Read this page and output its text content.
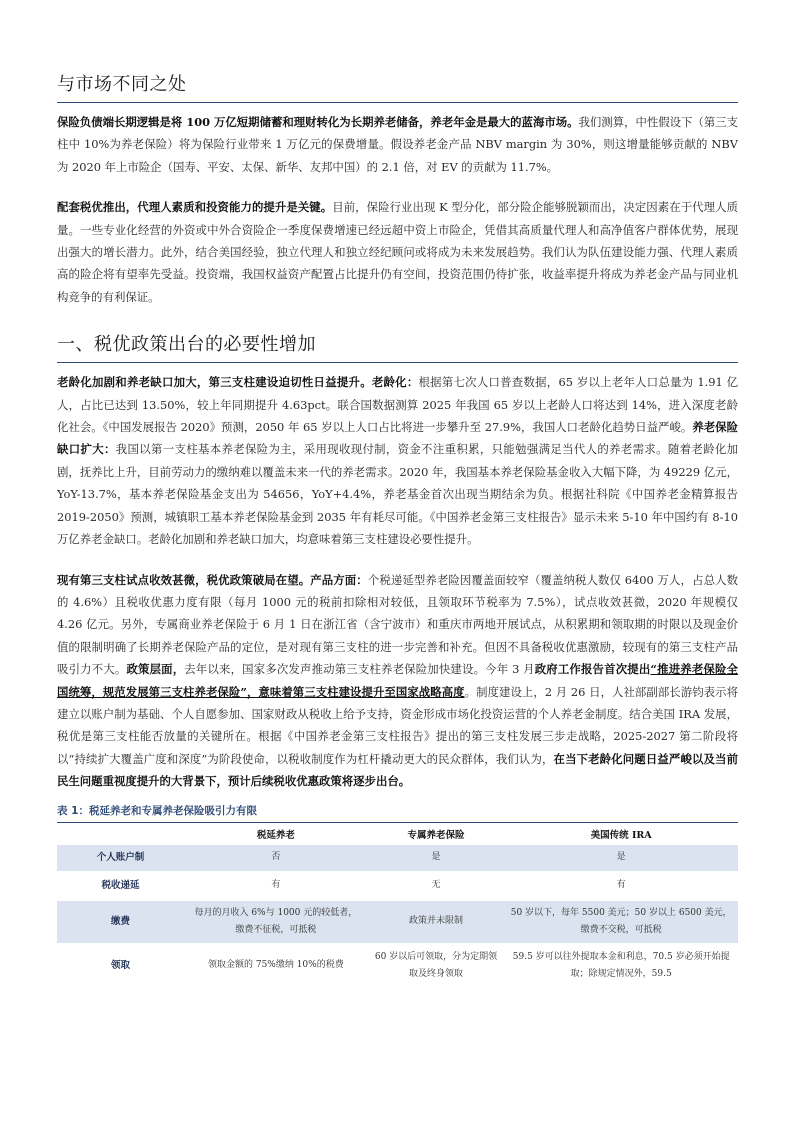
与市场不同之处

保险负债端长期逻辑是将 100 万亿短期储蓄和理财转化为长期养老储备，养老年金是最大的蓝海市场。我们测算，中性假设下（第三支柱中 10%为养老保险）将为保险行业带来 1 万亿元的保费增量。假设养老金产品 NBV margin 为 30%，则这增量能够贡献的 NBV 为 2020 年上市险企（国寿、平安、太保、新华、友邦中国）的 2.1 倍，对 EV 的贡献为 11.7%。

配套税优推出，代理人素质和投资能力的提升是关键。目前，保险行业出现 K 型分化，部分险企能够脱颖而出，决定因素在于代理人质量。一些专业化经营的外资或中外合资险企一季度保费增速已经远超中资上市险企，凭借其高质量代理人和高净值客户群体优势，展现出强大的增长潜力。此外，结合美国经验，独立代理人和独立经纪顾问或将成为未来发展趋势。我们认为队伍建设能力强、代理人素质高的险企将有望率先受益。投资端，我国权益资产配置占比提升仍有空间，投资范围仍待扩张，收益率提升将成为养老金产品与同业机构竞争的有利保证。

一、税优政策出台的必要性增加

老龄化加剧和养老缺口加大，第三支柱建设迫切性日益提升。老龄化：根据第七次人口普查数据，65 岁以上老年人口总量为 1.91 亿人，占比已达到 13.50%，较上年同期提升 4.63pct。联合国数据测算 2025 年我国 65 岁以上老龄人口将达到 14%，进入深度老龄化社会。《中国发展报告 2020》预测，2050 年 65 岁以上人口占比将进一步攀升至 27.9%，我国人口老龄化趋势日益严峻。养老保险缺口扩大：我国以第一支柱基本养老保险为主，采用现收现付制，资金不注重积累，只能勉强满足当代人的养老需求。随着老龄化加剧，抚养比上升，目前劳动力的缴纳难以覆盖未来一代的养老需求。2020 年，我国基本养老保险基金收入大幅下降，为 49229 亿元，YoY-13.7%，基本养老保险基金支出为 54656，YoY+4.4%，养老基金首次出现当期结余为负。根据社科院《中国养老金精算报告 2019-2050》预测，城镇职工基本养老保险基金到 2035 年有耗尽可能。《中国养老金第三支柱报告》显示未来 5-10 年中国约有 8-10 万亿养老金缺口。老龄化加剧和养老缺口加大，均意味着第三支柱建设必要性提升。

现有第三支柱试点收效甚微，税优政策破局在望。产品方面：个税递延型养老险因覆盖面较窄（覆盖纳税人数仅 6400 万人，占总人数的 4.6%）且税收优惠力度有限（每月 1000 元的税前扣除相对较低，且领取环节税率为 7.5%），试点收效甚微，2020 年规模仅 4.26 亿元。另外，专属商业养老保险于 6 月 1 日在浙江省（含宁波市）和重庆市两地开展试点，从积累期和领取期的时限以及现金价值的限制明确了长期养老保险产品的定位，是对现有第三支柱的进一步完善和补充。但因不具备税收优惠激励，较现有的第三支柱产品吸引力不大。政策层面，去年以来，国家多次发声推动第三支柱养老保险加快建设。今年 3 月政府工作报告首次提出“推进养老保险全国统筹，规范发展第三支柱养老保险”，意味着第三支柱建设提升至国家战略高度。制度建设上，2 月 26 日，人社部副部长游钧表示将建立以账户制为基础、个人自愿参加、国家财政从税收上给予支持，资金形成市场化投资运营的个人养老金制度。结合美国 IRA 发展，税优是第三支柱能否放量的关键所在。根据《中国养老金第三支柱报告》提出的第三支柱发展三步走战略，2025-2027 第二阶段将以“持续扩大覆盖广度和深度”为阶段使命，以税收制度作为杠杆撬动更大的民众群体，我们认为，在当下老龄化问题日益严峻以及当前民生问题重视度提升的大背景下，预计后续税收优惠政策将逐步出台。

表 1：税延养老和专属养老保险吸引力有限
	税延养老	专属养老保险	美国传统 IRA
个人账户制	否	是	是
税收递延	有	无	有
缴费	每月的月收入 6%与 1000 元的较低者，缴费不征税，可抵税	政策并未限制	50 岁以下，每年 5500 美元；50 岁以上 6500 美元，缴费不交税，可抵税
领取	领取金额的 75%缴纳 10%的税费	60 岁以后可领取，分为定期领取及终身领取	59.5 岁可以往外提取本金和利息，70.5 岁必须开始提取；除规定情况外，59.5
